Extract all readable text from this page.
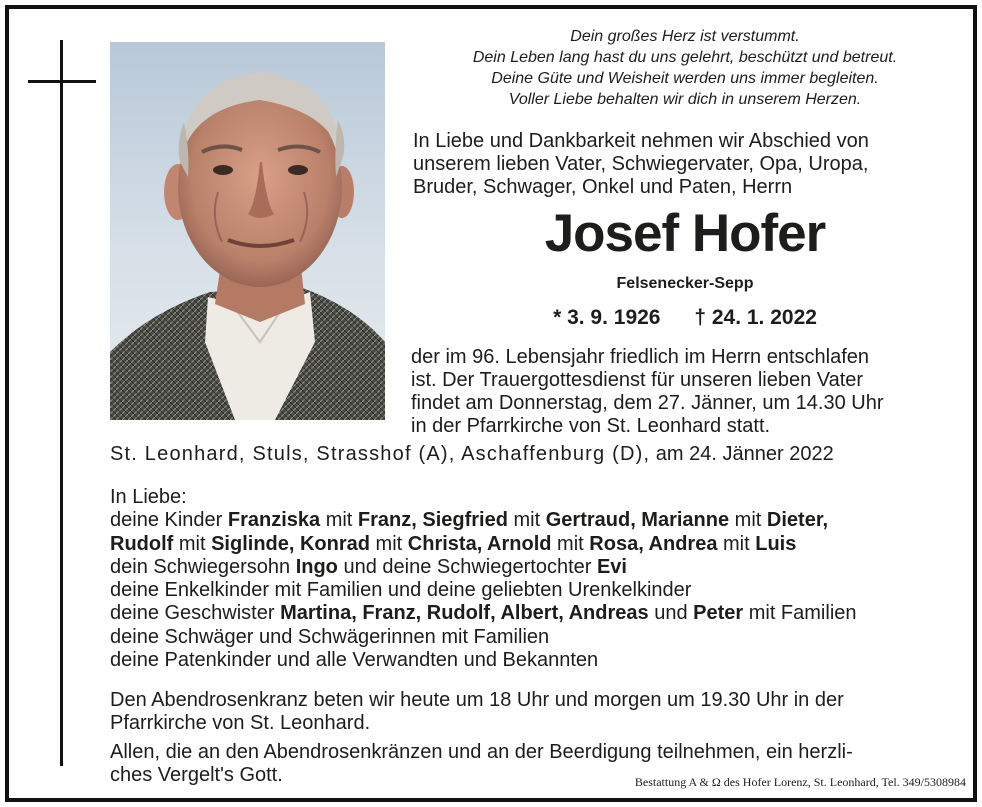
Dein großes Herz ist verstummt.
Dein Leben lang hast du uns gelehrt, beschützt und betreut.
Deine Güte und Weisheit werden uns immer begleiten.
Voller Liebe behalten wir dich in unserem Herzen.
In Liebe und Dankbarkeit nehmen wir Abschied von
unserem lieben Vater, Schwiegervater, Opa, Uropa,
Bruder, Schwager, Onkel und Paten, Herrn
Josef Hofer
Felsenecker-Sepp
* 3. 9. 1926 † 24. 1. 2022
der im 96. Lebensjahr friedlich im Herrn entschlafen
ist. Der Trauergottesdienst für unseren lieben Vater
findet am Donnerstag, dem 27. Jänner, um 14.30 Uhr
in der Pfarrkirche von St. Leonhard statt.
St. Leonhard, Stuls, Strasshof (A), Aschaffenburg (D), am 24. Jänner 2022
In Liebe:
deine Kinder Franziska mit Franz, Siegfried mit Gertraud, Marianne mit Dieter,
Rudolf mit Siglinde, Konrad mit Christa, Arnold mit Rosa, Andrea mit Luis
dein Schwiegersohn Ingo und deine Schwiegertochter Evi
deine Enkelkinder mit Familien und deine geliebten Urenkelkinder
deine Geschwister Martina, Franz, Rudolf, Albert, Andreas und Peter mit Familien
deine Schwäger und Schwägerinnen mit Familien
deine Patenkinder und alle Verwandten und Bekannten
Den Abendrosenkranz beten wir heute um 18 Uhr und morgen um 19.30 Uhr in der
Pfarrkirche von St. Leonhard.
Allen, die an den Abendrosenkränzen und an der Beerdigung teilnehmen, ein herzli-
ches Vergelt's Gott.	Bestattung A & Ω des Hofer Lorenz, St. Leonhard, Tel. 349/5308984
